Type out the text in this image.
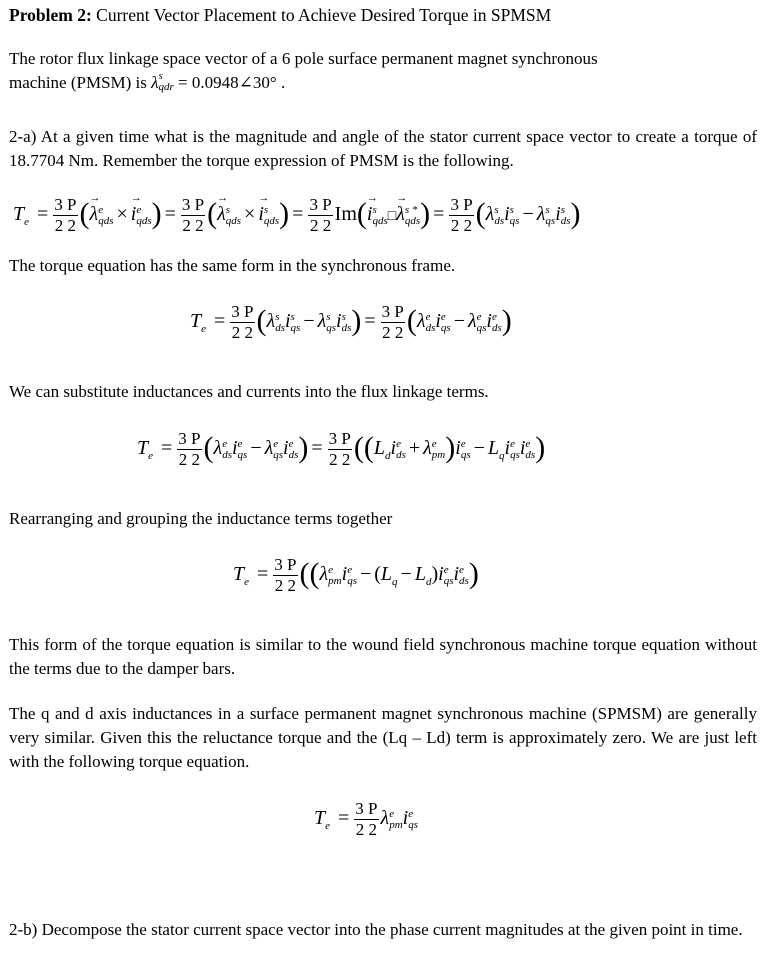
Problem 2: Current Vector Placement to Achieve Desired Torque in SPMSM
The rotor flux linkage space vector of a 6 pole surface permanent magnet synchronous
machine (PMSM) is λ s
qdr = 0.0948∠30° .
2-a) At a given time what is the magnitude and angle of the stator current space vector to create a torque of 18.7704 Nm. Remember the torque expression of PMSM is the following.
$T_e = \frac{3 P}{2 2}$ (→ λ e
qds × → i e
qds ) = $\frac{3 P}{2 2}$ (→ λ s
qds × → i s
qds ) = $\frac{3 P}{2 2} Im(\to i$ s
qds □→ λ s *
qds ) = $\frac{3 P}{2 2} (\lambda$ s
ds i s
qs − λ s
qs i s
ds )
The torque equation has the same form in the synchronous frame.
$T_e = \frac{3 P}{2 2} (\lambda$ s
ds i s
qs − λ s
qs i s
ds ) = $\frac{3 P}{2 2} (\lambda$ e
ds i e
qs − λ e
qs i e
ds )
We can substitute inductances and currents into the flux linkage terms.
$T_e = \frac{3 P}{2 2} (\lambda$ e
ds i e
qs − λ e
qs i e
ds ) = $\frac{3 P}{2 2} ((L_di$ e
ds + λ e
pm )i e
qs − $L_qi$ e
qs i e
ds )
Rearranging and grouping the inductance terms together
$T_e = \frac{3 P}{2 2} ((\lambda$ e
pm i e
qs − $(L_q - L_d)i$ e
qs i e
ds )
This form of the torque equation is similar to the wound field synchronous machine torque equation without the terms due to the damper bars.
The q and d axis inductances in a surface permanent magnet synchronous machine (SPMSM) are generally very similar. Given this the reluctance torque and the (Lq – Ld) term is approximately zero. We are just left with the following torque equation.
$T_e = \frac{3 P}{2 2}$ λ e
pm i e
qs
2-b) Decompose the stator current space vector into the phase current magnitudes at the given point in time.
